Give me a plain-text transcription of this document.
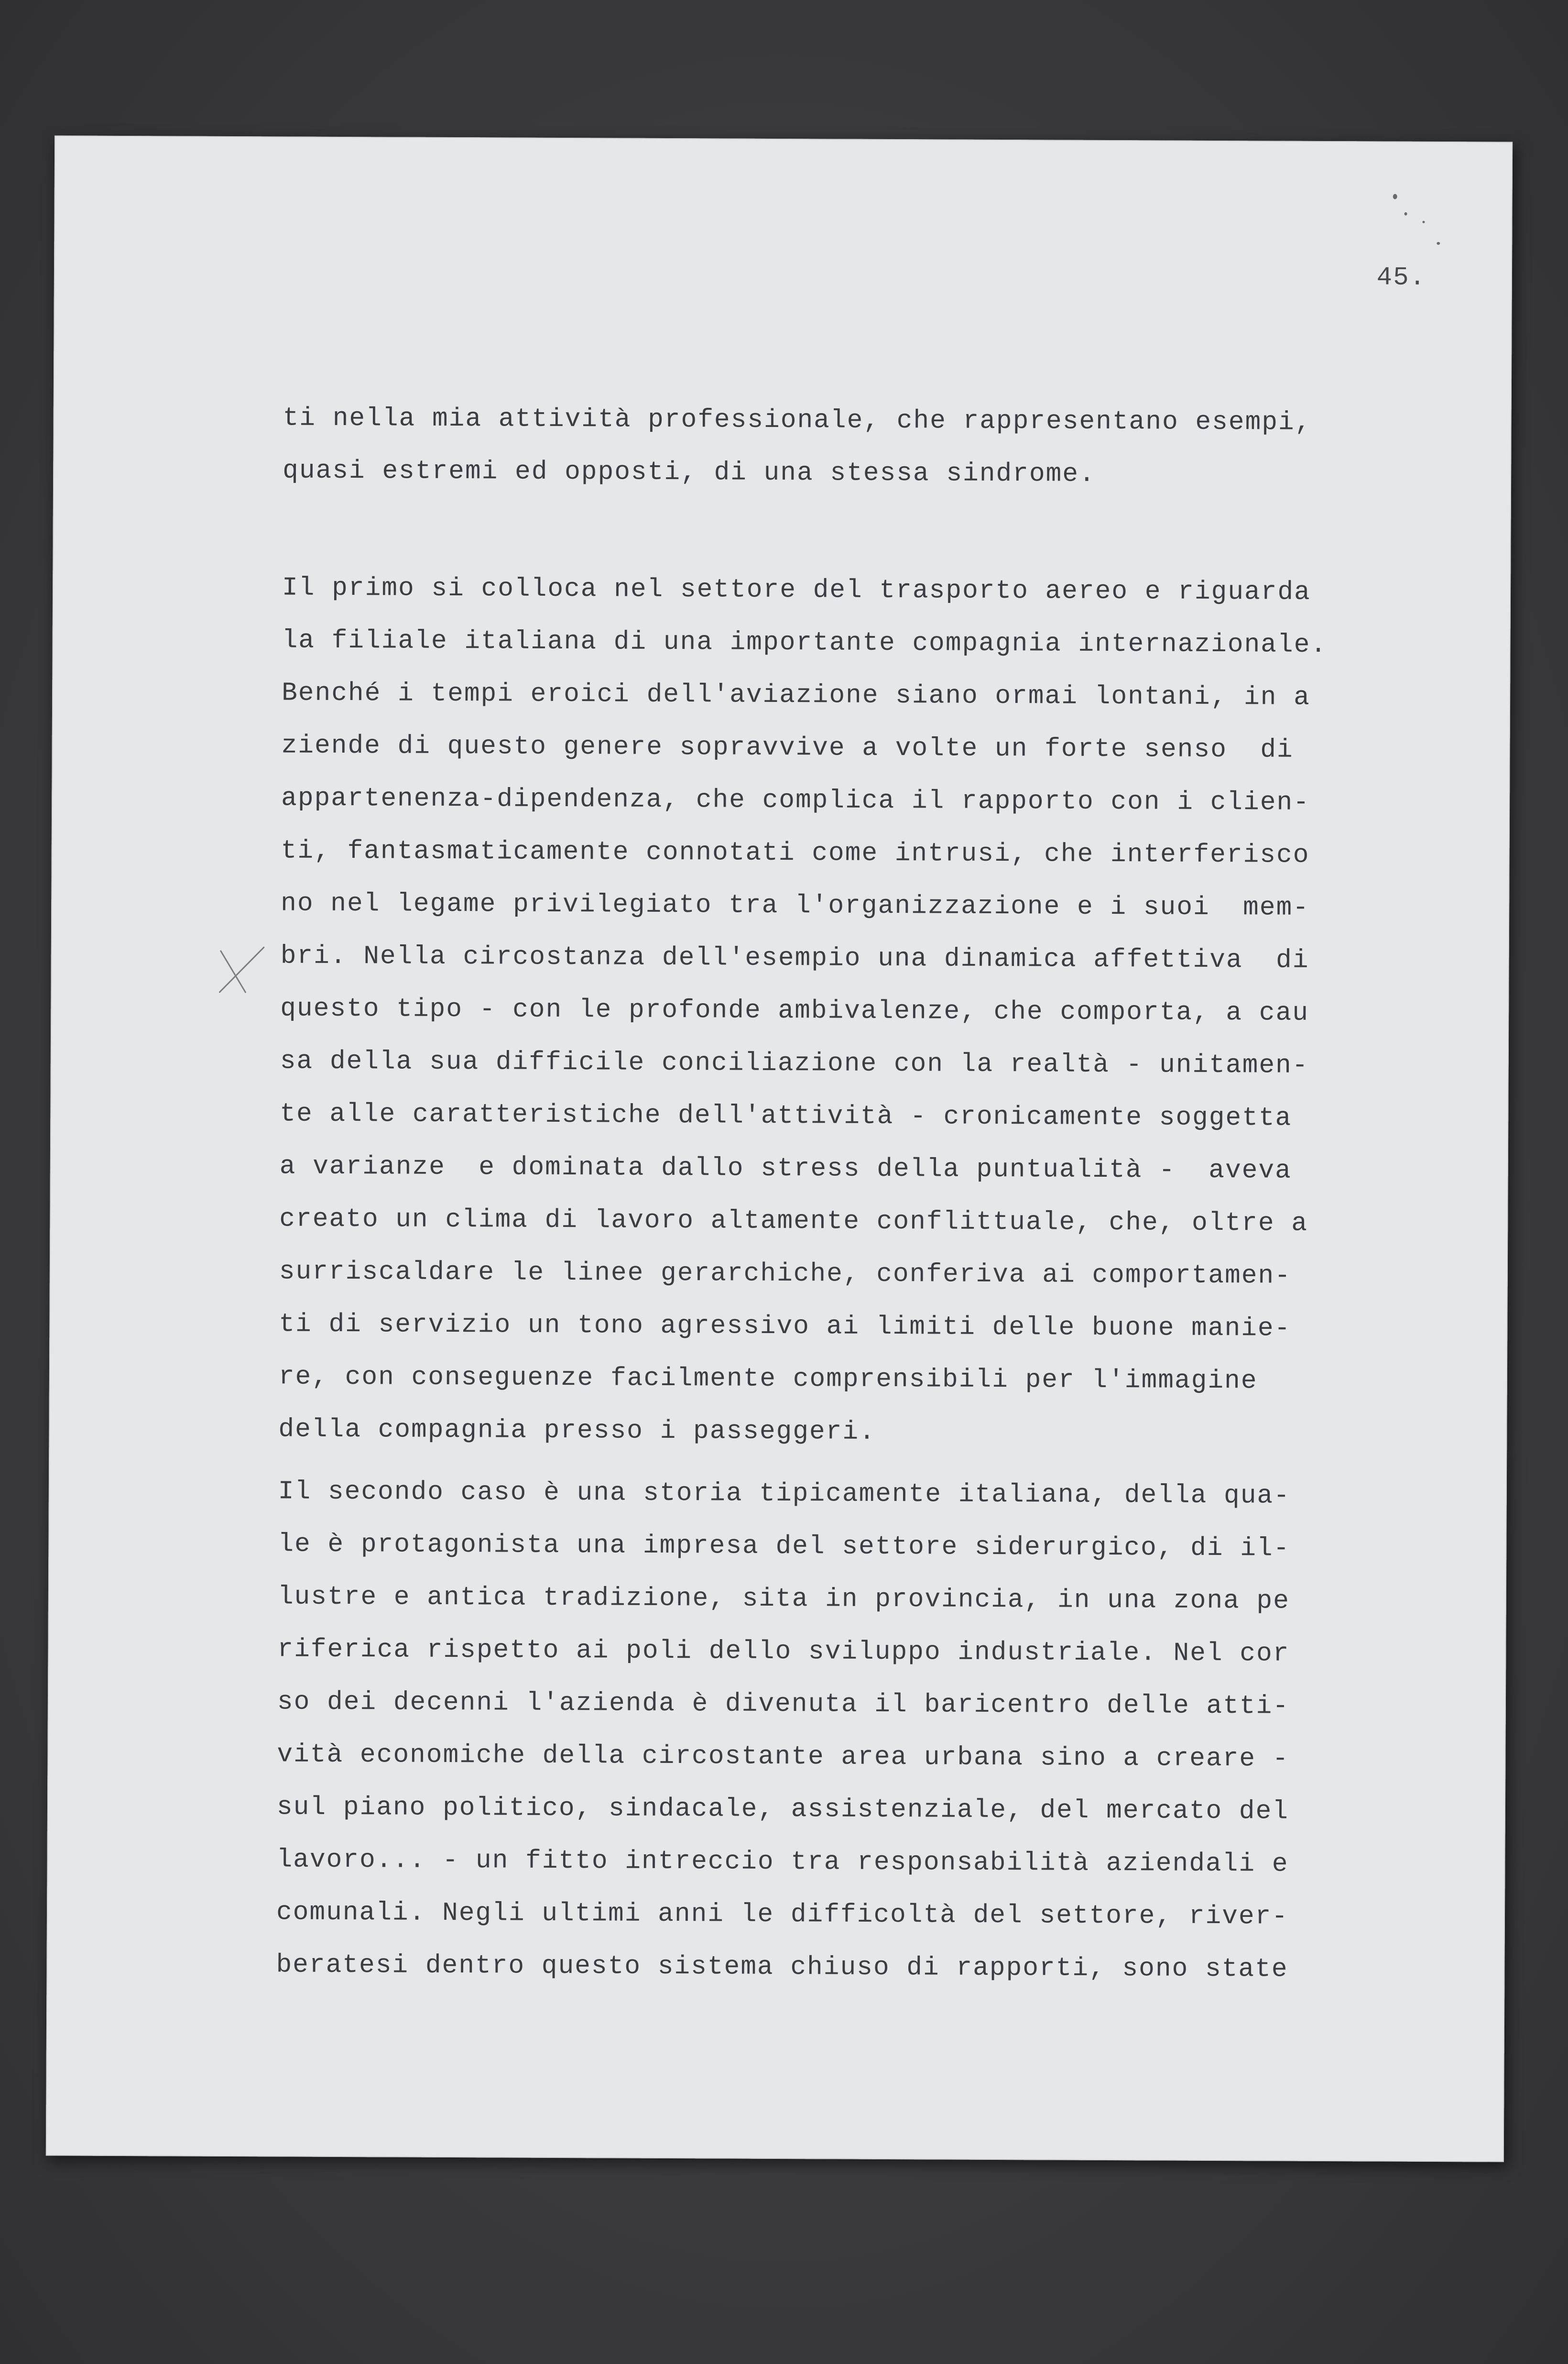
45.
ti nella mia attività professionale, che rappresentano esempi,
quasi estremi ed opposti, di una stessa sindrome.
Il primo si colloca nel settore del trasporto aereo e riguarda
la filiale italiana di una importante compagnia internazionale.
Benché i tempi eroici dell'aviazione siano ormai lontani, in a
ziende di questo genere sopravvive a volte un forte senso  di
appartenenza-dipendenza, che complica il rapporto con i clien-
ti, fantasmaticamente connotati come intrusi, che interferisco
no nel legame privilegiato tra l'organizzazione e i suoi  mem-
bri. Nella circostanza dell'esempio una dinamica affettiva  di
questo tipo - con le profonde ambivalenze, che comporta, a cau
sa della sua difficile conciliazione con la realtà - unitamen-
te alle caratteristiche dell'attività - cronicamente soggetta
a varianze  e dominata dallo stress della puntualità -  aveva
creato un clima di lavoro altamente conflittuale, che, oltre a
surriscaldare le linee gerarchiche, conferiva ai comportamen-
ti di servizio un tono agressivo ai limiti delle buone manie-
re, con conseguenze facilmente comprensibili per l'immagine
della compagnia presso i passeggeri.
Il secondo caso è una storia tipicamente italiana, della qua-
le è protagonista una impresa del settore siderurgico, di il-
lustre e antica tradizione, sita in provincia, in una zona pe
riferica rispetto ai poli dello sviluppo industriale. Nel cor
so dei decenni l'azienda è divenuta il baricentro delle atti-
vità economiche della circostante area urbana sino a creare -
sul piano politico, sindacale, assistenziale, del mercato del
lavoro... - un fitto intreccio tra responsabilità aziendali e
comunali. Negli ultimi anni le difficoltà del settore, river-
beratesi dentro questo sistema chiuso di rapporti, sono state
